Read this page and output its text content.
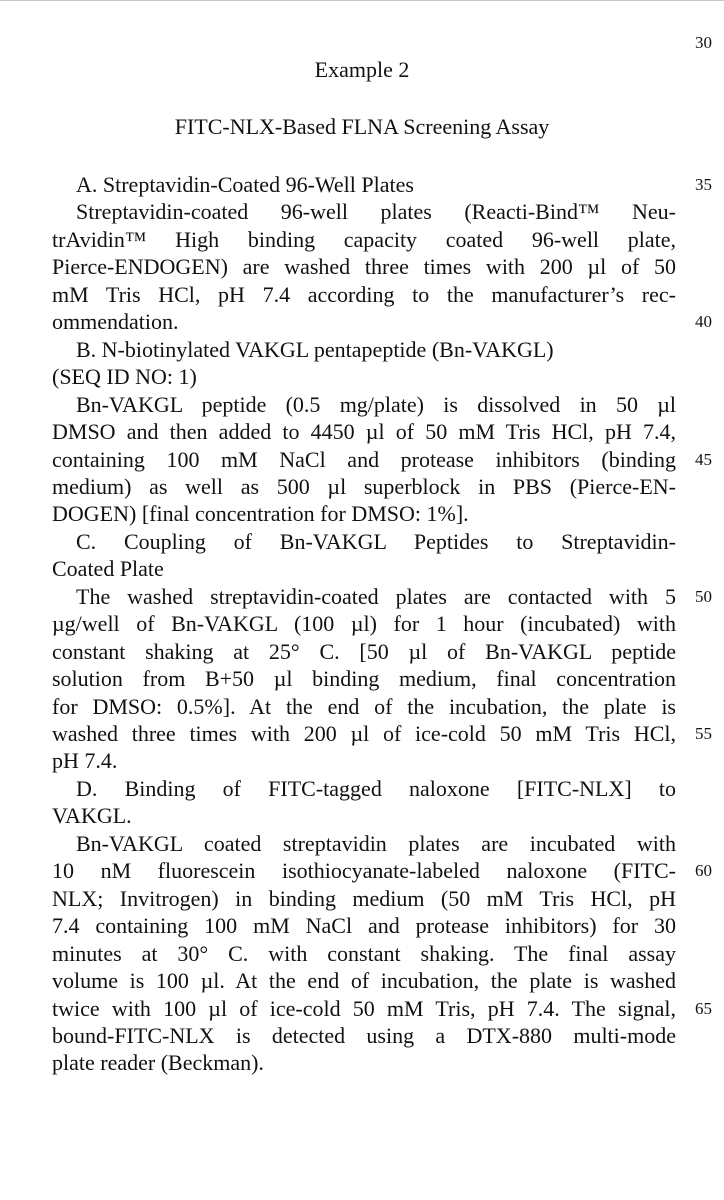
30
Example 2
FITC-NLX-Based FLNA Screening Assay
A. Streptavidin-Coated 96-Well Plates	35
Streptavidin-coated 96-well plates (Reacti-Bind™ Neu-
trAvidin™ High binding capacity coated 96-well plate,
Pierce-ENDOGEN) are washed three times with 200 µl of 50
mM Tris HCl, pH 7.4 according to the manufacturer’s rec-
ommendation.	40
B. N-biotinylated VAKGL pentapeptide (Bn-VAKGL)
(SEQ ID NO: 1)
Bn-VAKGL peptide (0.5 mg/plate) is dissolved in 50 µl
DMSO and then added to 4450 µl of 50 mM Tris HCl, pH 7.4,
containing 100 mM NaCl and protease inhibitors (binding	45
medium) as well as 500 µl superblock in PBS (Pierce-EN-
DOGEN) [final concentration for DMSO: 1%].
C. Coupling of Bn-VAKGL Peptides to Streptavidin-
Coated Plate
The washed streptavidin-coated plates are contacted with 5	50
µg/well of Bn-VAKGL (100 µl) for 1 hour (incubated) with
constant shaking at 25° C. [50 µl of Bn-VAKGL peptide
solution from B+50 µl binding medium, final concentration
for DMSO: 0.5%]. At the end of the incubation, the plate is
washed three times with 200 µl of ice-cold 50 mM Tris HCl,	55
pH 7.4.
D. Binding of FITC-tagged naloxone [FITC-NLX] to
VAKGL.
Bn-VAKGL coated streptavidin plates are incubated with
10 nM fluorescein isothiocyanate-labeled naloxone (FITC-	60
NLX; Invitrogen) in binding medium (50 mM Tris HCl, pH
7.4 containing 100 mM NaCl and protease inhibitors) for 30
minutes at 30° C. with constant shaking. The final assay
volume is 100 µl. At the end of incubation, the plate is washed
twice with 100 µl of ice-cold 50 mM Tris, pH 7.4. The signal,	65
bound-FITC-NLX is detected using a DTX-880 multi-mode
plate reader (Beckman).
